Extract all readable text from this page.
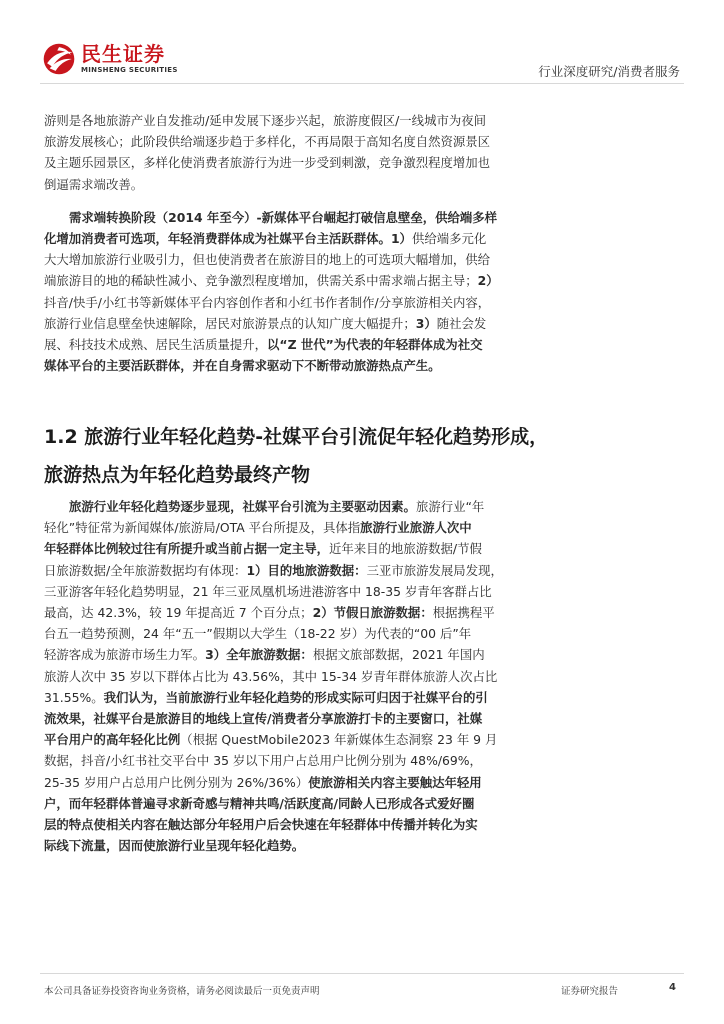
民生证券
MINSHENG SECURITIES	行业深度研究/消费者服务

游则是各地旅游产业自发推动/延申发展下逐步兴起，旅游度假区/一线城市为夜间
旅游发展核心；此阶段供给端逐步趋于多样化，不再局限于高知名度自然资源景区
及主题乐园景区，多样化使消费者旅游行为进一步受到刺激，竞争激烈程度增加也
倒逼需求端改善。

需求端转换阶段（2014 年至今）-新媒体平台崛起打破信息壁垒，供给端多样
化增加消费者可选项，年轻消费群体成为社媒平台主活跃群体。1）供给端多元化
大大增加旅游行业吸引力，但也使消费者在旅游目的地上的可选项大幅增加，供给
端旅游目的地的稀缺性减小、竞争激烈程度增加，供需关系中需求端占据主导；2）
抖音/快手/小红书等新媒体平台内容创作者和小红书作者制作/分享旅游相关内容，
旅游行业信息壁垒快速解除，居民对旅游景点的认知广度大幅提升；3）随社会发
展、科技技术成熟、居民生活质量提升，以“Z 世代”为代表的年轻群体成为社交
媒体平台的主要活跃群体，并在自身需求驱动下不断带动旅游热点产生。

1.2 旅游行业年轻化趋势-社媒平台引流促年轻化趋势形成，
旅游热点为年轻化趋势最终产物

旅游行业年轻化趋势逐步显现，社媒平台引流为主要驱动因素。旅游行业“年
轻化”特征常为新闻媒体/旅游局/OTA 平台所提及，具体指旅游行业旅游人次中
年轻群体比例较过往有所提升或当前占据一定主导，近年来目的地旅游数据/节假
日旅游数据/全年旅游数据均有体现：1）目的地旅游数据：三亚市旅游发展局发现，
三亚游客年轻化趋势明显，21 年三亚凤凰机场进港游客中 18-35 岁青年客群占比
最高，达 42.3%，较 19 年提高近 7 个百分点；2）节假日旅游数据：根据携程平
台五一趋势预测，24 年“五一”假期以大学生（18-22 岁）为代表的“00 后”年
轻游客成为旅游市场生力军。3）全年旅游数据：根据文旅部数据，2021 年国内
旅游人次中 35 岁以下群体占比为 43.56%，其中 15-34 岁青年群体旅游人次占比
31.55%。我们认为，当前旅游行业年轻化趋势的形成实际可归因于社媒平台的引
流效果，社媒平台是旅游目的地线上宣传/消费者分享旅游打卡的主要窗口，社媒
平台用户的高年轻化比例（根据 QuestMobile2023 年新媒体生态洞察 23 年 9 月
数据，抖音/小红书社交平台中 35 岁以下用户占总用户比例分别为 48%/69%，
25-35 岁用户占总用户比例分别为 26%/36%）使旅游相关内容主要触达年轻用
户，而年轻群体普遍寻求新奇感与精神共鸣/活跃度高/同龄人已形成各式爱好圈
层的特点使相关内容在触达部分年轻用户后会快速在年轻群体中传播并转化为实
际线下流量，因而使旅游行业呈现年轻化趋势。

本公司具备证券投资咨询业务资格，请务必阅读最后一页免责声明	证券研究报告	4
